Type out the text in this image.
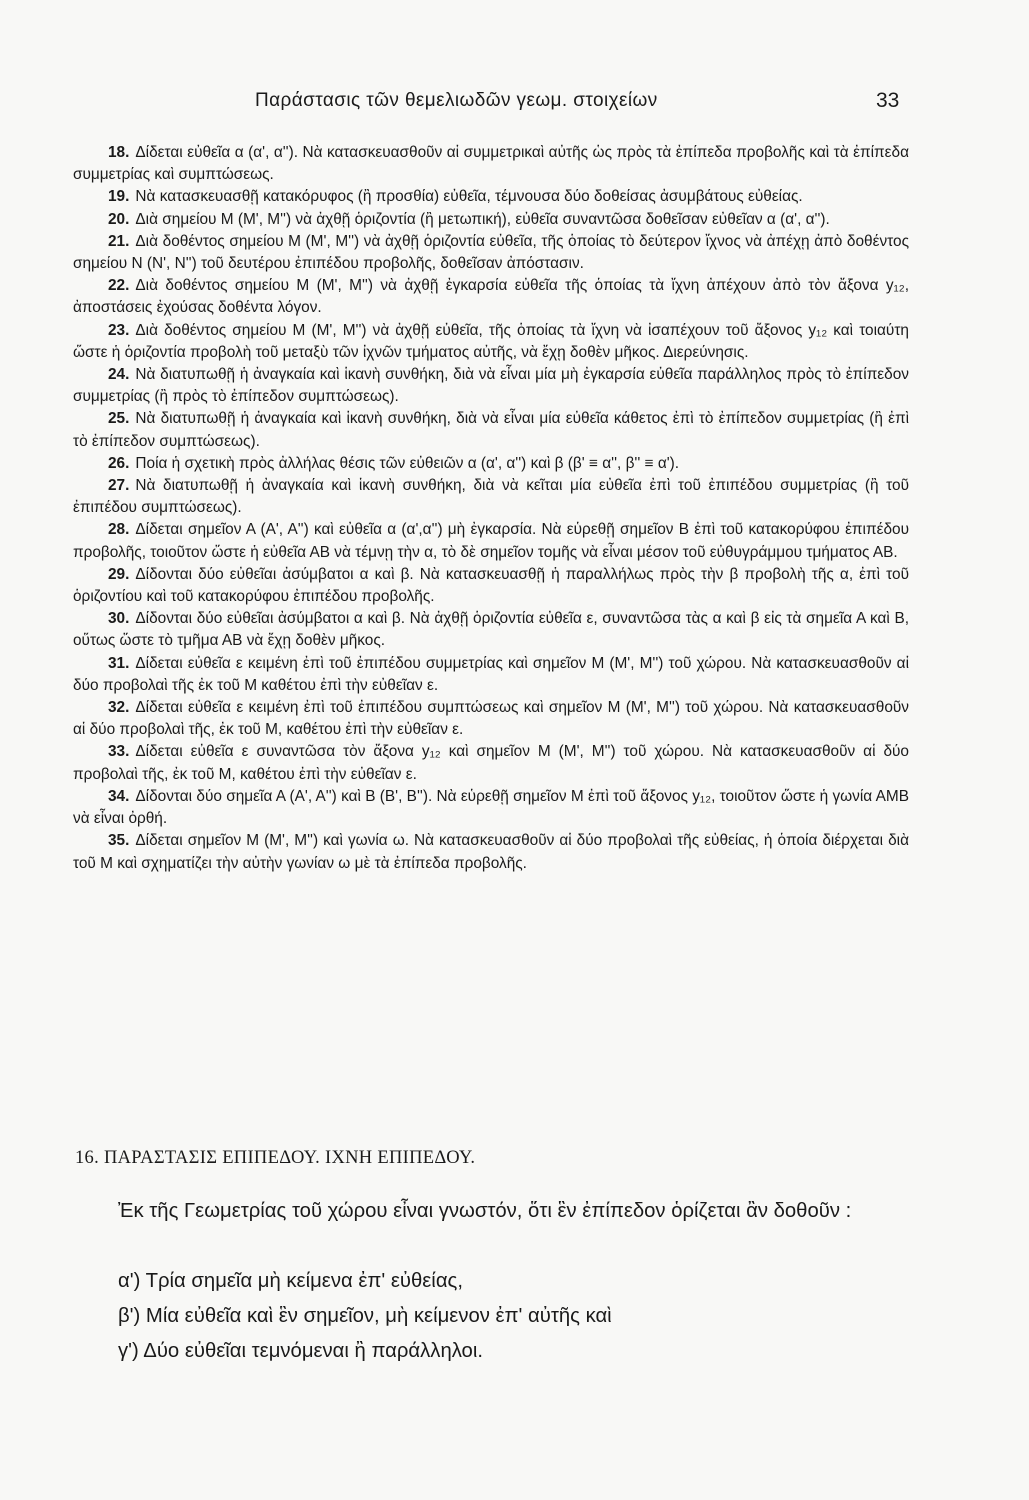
Παράστασις τῶν θεμελιωδῶν γεωμ. στοιχείων	33

18. Δίδεται εὐθεῖα α (α', α''). Νὰ κατασκευασθοῦν αἱ συμμετρικαὶ αὐτῆς ὡς πρὸς τὰ ἐπίπεδα προβολῆς καὶ τὰ ἐπίπεδα συμμετρίας καὶ συμπτώσεως.

19. Νὰ κατασκευασθῇ κατακόρυφος (ἢ προσθία) εὐθεῖα, τέμνουσα δύο δοθείσας ἀσυμβάτους εὐθείας.

20. Διὰ σημείου Μ (Μ', Μ'') νὰ ἀχθῇ ὁριζοντία (ἢ μετωπική), εὐθεῖα συναντῶσα δοθεῖσαν εὐθεῖαν α (α', α'').

21. Διὰ δοθέντος σημείου Μ (Μ', Μ'') νὰ ἀχθῇ ὁριζοντία εὐθεῖα, τῆς ὁποίας τὸ δεύτερον ἴχνος νὰ ἀπέχῃ ἀπὸ δοθέντος σημείου Ν (Ν', Ν'') τοῦ δευτέρου ἐπιπέδου προβολῆς, δοθεῖσαν ἀπόστασιν.

22. Διὰ δοθέντος σημείου Μ (Μ', Μ'') νὰ ἀχθῇ ἐγκαρσία εὐθεῖα τῆς ὁποίας τὰ ἴχνη ἀπέχουν ἀπὸ τὸν ἄξονα y₁₂, ἀποστάσεις ἐχούσας δοθέντα λόγον.

23. Διὰ δοθέντος σημείου Μ (Μ', Μ'') νὰ ἀχθῇ εὐθεῖα, τῆς ὁποίας τὰ ἴχνη νὰ ἰσαπέχουν τοῦ ἄξονος y₁₂ καὶ τοιαύτη ὥστε ἡ ὁριζοντία προβολὴ τοῦ μεταξὺ τῶν ἰχνῶν τμήματος αὐτῆς, νὰ ἔχῃ δοθὲν μῆκος. Διερεύνησις.

24. Νὰ διατυπωθῇ ἡ ἀναγκαία καὶ ἱκανὴ συνθήκη, διὰ νὰ εἶναι μία μὴ ἐγκαρσία εὐθεῖα παράλληλος πρὸς τὸ ἐπίπεδον συμμετρίας (ἢ πρὸς τὸ ἐπίπεδον συμπτώσεως).

25. Νὰ διατυπωθῇ ἡ ἀναγκαία καὶ ἱκανὴ συνθήκη, διὰ νὰ εἶναι μία εὐθεῖα κάθετος ἐπὶ τὸ ἐπίπεδον συμμετρίας (ἢ ἐπὶ τὸ ἐπίπεδον συμπτώσεως).

26. Ποία ἡ σχετικὴ πρὸς ἀλλήλας θέσις τῶν εὐθειῶν α (α', α'') καὶ β (β' ≡ α'', β'' ≡ α').

27. Νὰ διατυπωθῇ ἡ ἀναγκαία καὶ ἱκανὴ συνθήκη, διὰ νὰ κεῖται μία εὐθεῖα ἐπὶ τοῦ ἐπιπέδου συμμετρίας (ἢ τοῦ ἐπιπέδου συμπτώσεως).

28. Δίδεται σημεῖον Α (Α', Α'') καὶ εὐθεῖα α (α',α'') μὴ ἐγκαρσία. Νὰ εὑρεθῇ σημεῖον Β ἐπὶ τοῦ κατακορύφου ἐπιπέδου προβολῆς, τοιοῦτον ὥστε ἡ εὐθεῖα ΑΒ νὰ τέμνῃ τὴν α, τὸ δὲ σημεῖον τομῆς νὰ εἶναι μέσον τοῦ εὐθυγράμμου τμήματος ΑΒ.

29. Δίδονται δύο εὐθεῖαι ἀσύμβατοι α καὶ β. Νὰ κατασκευασθῇ ἡ παραλλήλως πρὸς τὴν β προβολὴ τῆς α, ἐπὶ τοῦ ὁριζοντίου καὶ τοῦ κατακορύφου ἐπιπέδου προβολῆς.

30. Δίδονται δύο εὐθεῖαι ἀσύμβατοι α καὶ β. Νὰ ἀχθῇ ὁριζοντία εὐθεῖα ε, συναντῶσα τὰς α καὶ β εἰς τὰ σημεῖα Α καὶ Β, οὕτως ὥστε τὸ τμῆμα ΑΒ νὰ ἔχῃ δοθὲν μῆκος.

31. Δίδεται εὐθεῖα ε κειμένη ἐπὶ τοῦ ἐπιπέδου συμμετρίας καὶ σημεῖον Μ (Μ', Μ'') τοῦ χώρου. Νὰ κατασκευασθοῦν αἱ δύο προβολαὶ τῆς ἐκ τοῦ Μ καθέτου ἐπὶ τὴν εὐθεῖαν ε.

32. Δίδεται εὐθεῖα ε κειμένη ἐπὶ τοῦ ἐπιπέδου συμπτώσεως καὶ σημεῖον Μ (Μ', Μ'') τοῦ χώρου. Νὰ κατασκευασθοῦν αἱ δύο προβολαὶ τῆς, ἐκ τοῦ Μ, καθέτου ἐπὶ τὴν εὐθεῖαν ε.

33. Δίδεται εὐθεῖα ε συναντῶσα τὸν ἄξονα y₁₂ καὶ σημεῖον Μ (Μ', Μ'') τοῦ χώρου. Νὰ κατασκευασθοῦν αἱ δύο προβολαὶ τῆς, ἐκ τοῦ Μ, καθέτου ἐπὶ τὴν εὐθεῖαν ε.

34. Δίδονται δύο σημεῖα Α (Α', Α'') καὶ Β (Β', Β''). Νὰ εὑρεθῇ σημεῖον Μ ἐπὶ τοῦ ἄξονος y₁₂, τοιοῦτον ὥστε ἡ γωνία ΑΜΒ νὰ εἶναι ὀρθή.

35. Δίδεται σημεῖον Μ (Μ', Μ'') καὶ γωνία ω. Νὰ κατασκευασθοῦν αἱ δύο προβολαὶ τῆς εὐθείας, ἡ ὁποία διέρχεται διὰ τοῦ Μ καὶ σχηματίζει τὴν αὐτὴν γωνίαν ω μὲ τὰ ἐπίπεδα προβολῆς.

16. ΠΑΡΑΣΤΑΣΙΣ ΕΠΙΠΕΔΟΥ. ΙΧΝΗ ΕΠΙΠΕΔΟΥ.

Ἐκ τῆς Γεωμετρίας τοῦ χώρου εἶναι γνωστόν, ὅτι ἓν ἐπίπεδον ὁρίζεται ἂν δοθοῦν :

α') Τρία σημεῖα μὴ κείμενα ἐπ' εὐθείας,
β') Μία εὐθεῖα καὶ ἓν σημεῖον, μὴ κείμενον ἐπ' αὐτῆς καὶ
γ') Δύο εὐθεῖαι τεμνόμεναι ἢ παράλληλοι.
